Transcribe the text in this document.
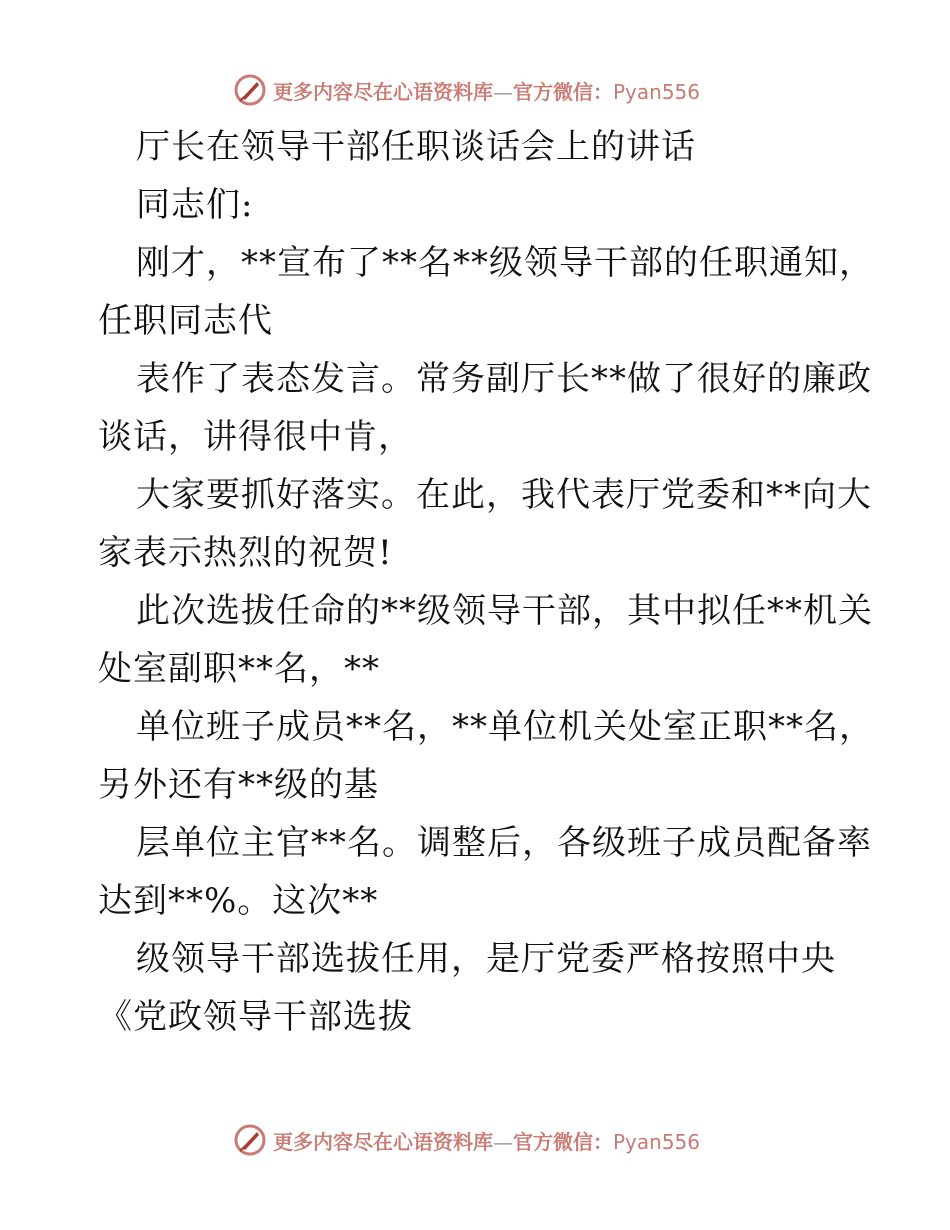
更多内容尽在心语资料库—官方微信：Pyan556
厅长在领导干部任职谈话会上的讲话
同志们:
刚才，**宣布了**名**级领导干部的任职通知，
任职同志代
表作了表态发言。常务副厅长**做了很好的廉政
谈话，讲得很中肯，
大家要抓好落实。在此，我代表厅党委和**向大
家表示热烈的祝贺!
此次选拔任命的**级领导干部，其中拟任**机关
处室副职**名，**
单位班子成员**名，**单位机关处室正职**名，
另外还有**级的基
层单位主官**名。调整后，各级班子成员配备率
达到**%。这次**
级领导干部选拔任用，是厅党委严格按照中央
《党政领导干部选拔
更多内容尽在心语资料库—官方微信：Pyan556
